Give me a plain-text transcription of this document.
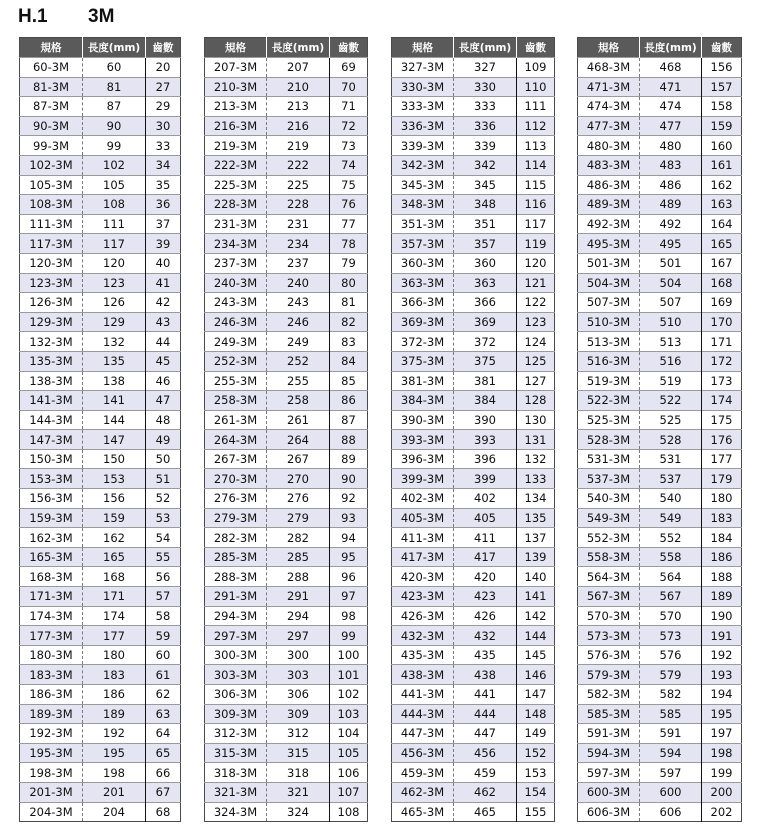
H.1	3M
規格	長度(mm)	齒數
60-3M	60	20
81-3M	81	27
87-3M	87	29
90-3M	90	30
99-3M	99	33
102-3M	102	34
105-3M	105	35
108-3M	108	36
111-3M	111	37
117-3M	117	39
120-3M	120	40
123-3M	123	41
126-3M	126	42
129-3M	129	43
132-3M	132	44
135-3M	135	45
138-3M	138	46
141-3M	141	47
144-3M	144	48
147-3M	147	49
150-3M	150	50
153-3M	153	51
156-3M	156	52
159-3M	159	53
162-3M	162	54
165-3M	165	55
168-3M	168	56
171-3M	171	57
174-3M	174	58
177-3M	177	59
180-3M	180	60
183-3M	183	61
186-3M	186	62
189-3M	189	63
192-3M	192	64
195-3M	195	65
198-3M	198	66
201-3M	201	67
204-3M	204	68
規格	長度(mm)	齒數
207-3M	207	69
210-3M	210	70
213-3M	213	71
216-3M	216	72
219-3M	219	73
222-3M	222	74
225-3M	225	75
228-3M	228	76
231-3M	231	77
234-3M	234	78
237-3M	237	79
240-3M	240	80
243-3M	243	81
246-3M	246	82
249-3M	249	83
252-3M	252	84
255-3M	255	85
258-3M	258	86
261-3M	261	87
264-3M	264	88
267-3M	267	89
270-3M	270	90
276-3M	276	92
279-3M	279	93
282-3M	282	94
285-3M	285	95
288-3M	288	96
291-3M	291	97
294-3M	294	98
297-3M	297	99
300-3M	300	100
303-3M	303	101
306-3M	306	102
309-3M	309	103
312-3M	312	104
315-3M	315	105
318-3M	318	106
321-3M	321	107
324-3M	324	108
規格	長度(mm)	齒數
327-3M	327	109
330-3M	330	110
333-3M	333	111
336-3M	336	112
339-3M	339	113
342-3M	342	114
345-3M	345	115
348-3M	348	116
351-3M	351	117
357-3M	357	119
360-3M	360	120
363-3M	363	121
366-3M	366	122
369-3M	369	123
372-3M	372	124
375-3M	375	125
381-3M	381	127
384-3M	384	128
390-3M	390	130
393-3M	393	131
396-3M	396	132
399-3M	399	133
402-3M	402	134
405-3M	405	135
411-3M	411	137
417-3M	417	139
420-3M	420	140
423-3M	423	141
426-3M	426	142
432-3M	432	144
435-3M	435	145
438-3M	438	146
441-3M	441	147
444-3M	444	148
447-3M	447	149
456-3M	456	152
459-3M	459	153
462-3M	462	154
465-3M	465	155
規格	長度(mm)	齒數
468-3M	468	156
471-3M	471	157
474-3M	474	158
477-3M	477	159
480-3M	480	160
483-3M	483	161
486-3M	486	162
489-3M	489	163
492-3M	492	164
495-3M	495	165
501-3M	501	167
504-3M	504	168
507-3M	507	169
510-3M	510	170
513-3M	513	171
516-3M	516	172
519-3M	519	173
522-3M	522	174
525-3M	525	175
528-3M	528	176
531-3M	531	177
537-3M	537	179
540-3M	540	180
549-3M	549	183
552-3M	552	184
558-3M	558	186
564-3M	564	188
567-3M	567	189
570-3M	570	190
573-3M	573	191
576-3M	576	192
579-3M	579	193
582-3M	582	194
585-3M	585	195
591-3M	591	197
594-3M	594	198
597-3M	597	199
600-3M	600	200
606-3M	606	202
